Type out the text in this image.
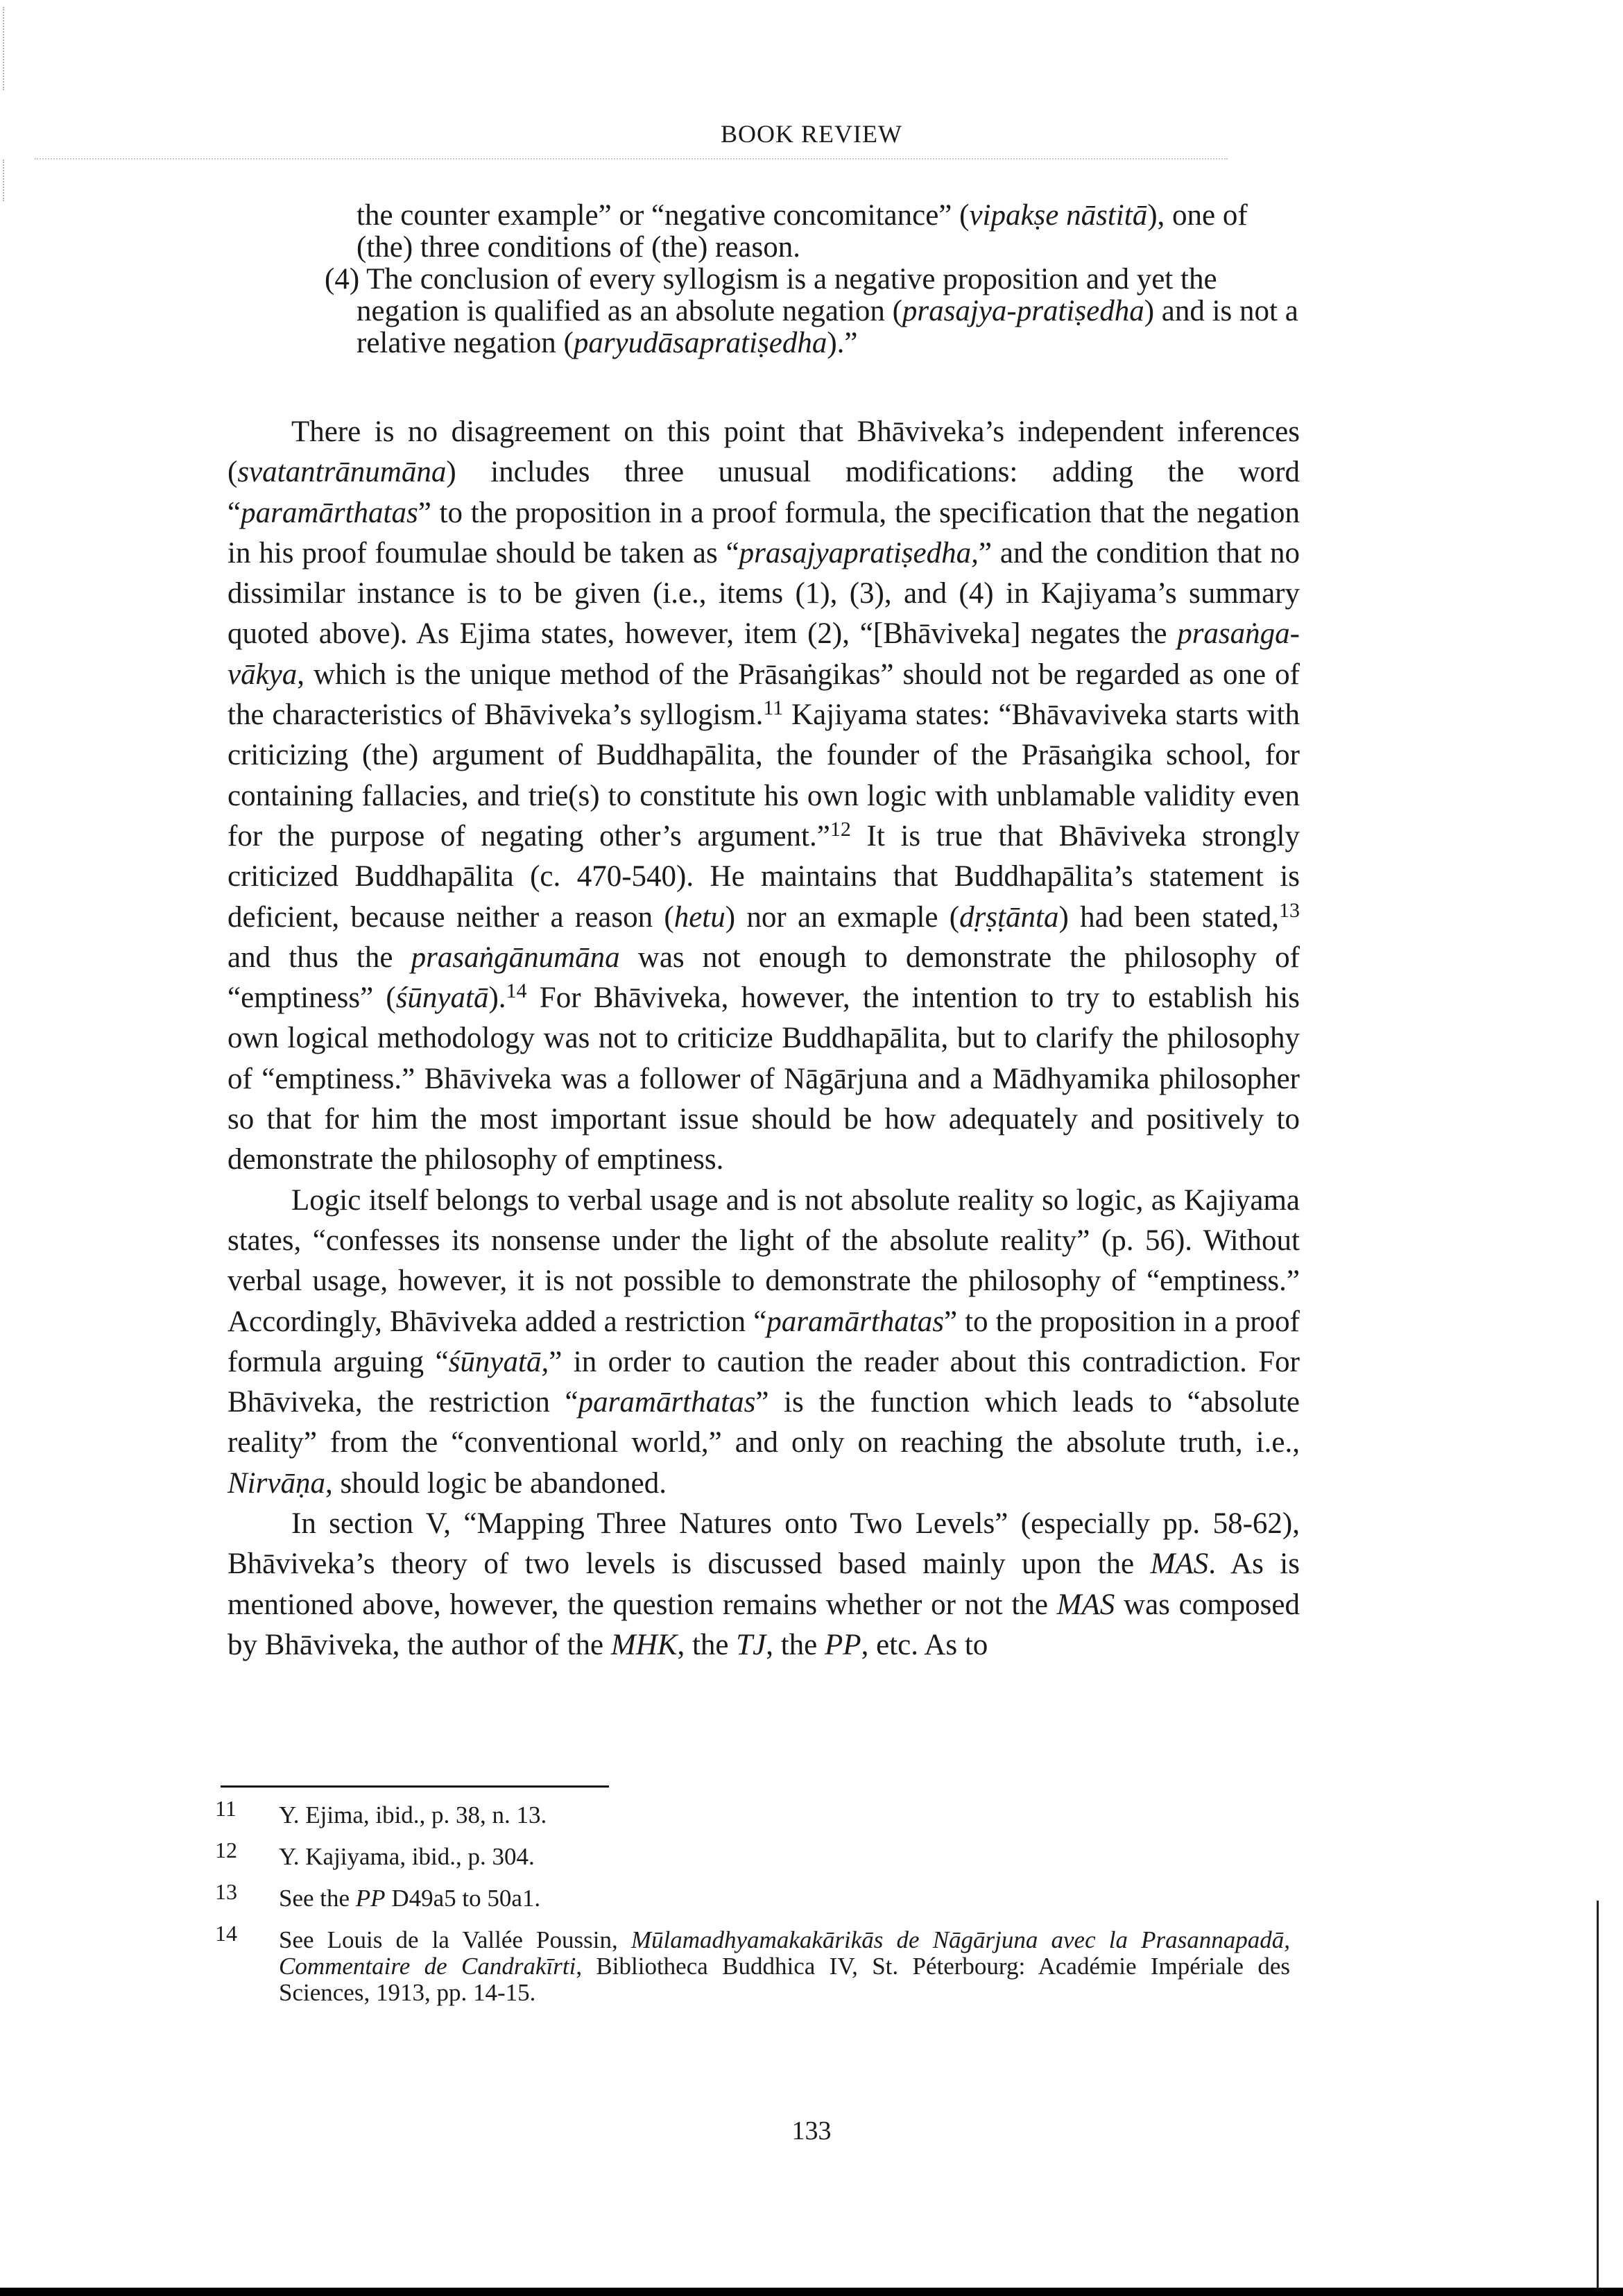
BOOK REVIEW

the counter example” or “negative concomitance” (vipakṣe nāstitā), one of (the) three conditions of (the) reason.

(4) The conclusion of every syllogism is a negative proposition and yet the negation is qualified as an absolute negation (prasajya-pratiṣedha) and is not a relative negation (paryudāsapratiṣedha).”

There is no disagreement on this point that Bhāviveka’s independent inferences (svatantrānumāna) includes three unusual modifications: adding the word “paramārthatas” to the proposition in a proof formula, the specification that the negation in his proof foumulae should be taken as “prasajyapratiṣedha,” and the condition that no dissimilar instance is to be given (i.e., items (1), (3), and (4) in Kajiyama’s summary quoted above). As Ejima states, however, item (2), “[Bhāviveka] negates the prasaṅga-vākya, which is the unique method of the Prāsaṅgikas” should not be regarded as one of the characteristics of Bhāviveka’s syllogism.$^{11}$ Kajiyama states: “Bhāvaviveka starts with criticizing (the) argument of Buddhapālita, the founder of the Prāsaṅgika school, for containing fallacies, and trie(s) to constitute his own logic with unblamable validity even for the purpose of negating other’s argument.”$^{12}$ It is true that Bhāviveka strongly criticized Buddhapālita (c. 470-540). He maintains that Buddhapālita’s statement is deficient, because neither a reason (hetu) nor an exmaple (dṛṣṭānta) had been stated,$^{13}$ and thus the prasaṅgānumāna was not enough to demonstrate the philosophy of “emptiness” (śūnyatā).$^{14}$ For Bhāviveka, however, the intention to try to establish his own logical methodology was not to criticize Buddhapālita, but to clarify the philosophy of “emptiness.” Bhāviveka was a follower of Nāgārjuna and a Mādhyamika philosopher so that for him the most important issue should be how adequately and positively to demonstrate the philosophy of emptiness.

Logic itself belongs to verbal usage and is not absolute reality so logic, as Kajiyama states, “confesses its nonsense under the light of the absolute reality” (p. 56). Without verbal usage, however, it is not possible to demonstrate the philosophy of “emptiness.” Accordingly, Bhāviveka added a restriction “paramārthatas” to the proposition in a proof formula arguing “śūnyatā,” in order to caution the reader about this contradiction. For Bhāviveka, the restriction “paramārthatas” is the function which leads to “absolute reality” from the “conventional world,” and only on reaching the absolute truth, i.e., Nirvāṇa, should logic be abandoned.

In section V, “Mapping Three Natures onto Two Levels” (especially pp. 58-62), Bhāviveka’s theory of two levels is discussed based mainly upon the MAS. As is mentioned above, however, the question remains whether or not the MAS was composed by Bhāviveka, the author of the MHK, the TJ, the PP, etc. As to

11	Y. Ejima, ibid., p. 38, n. 13.
12	Y. Kajiyama, ibid., p. 304.
13	See the PP D49a5 to 50a1.
14	See Louis de la Vallée Poussin, Mūlamadhyamakakārikās de Nāgārjuna avec la Prasannapadā, Commentaire de Candrakīrti, Bibliotheca Buddhica IV, St. Péterbourg: Académie Impériale des Sciences, 1913, pp. 14-15.
133
